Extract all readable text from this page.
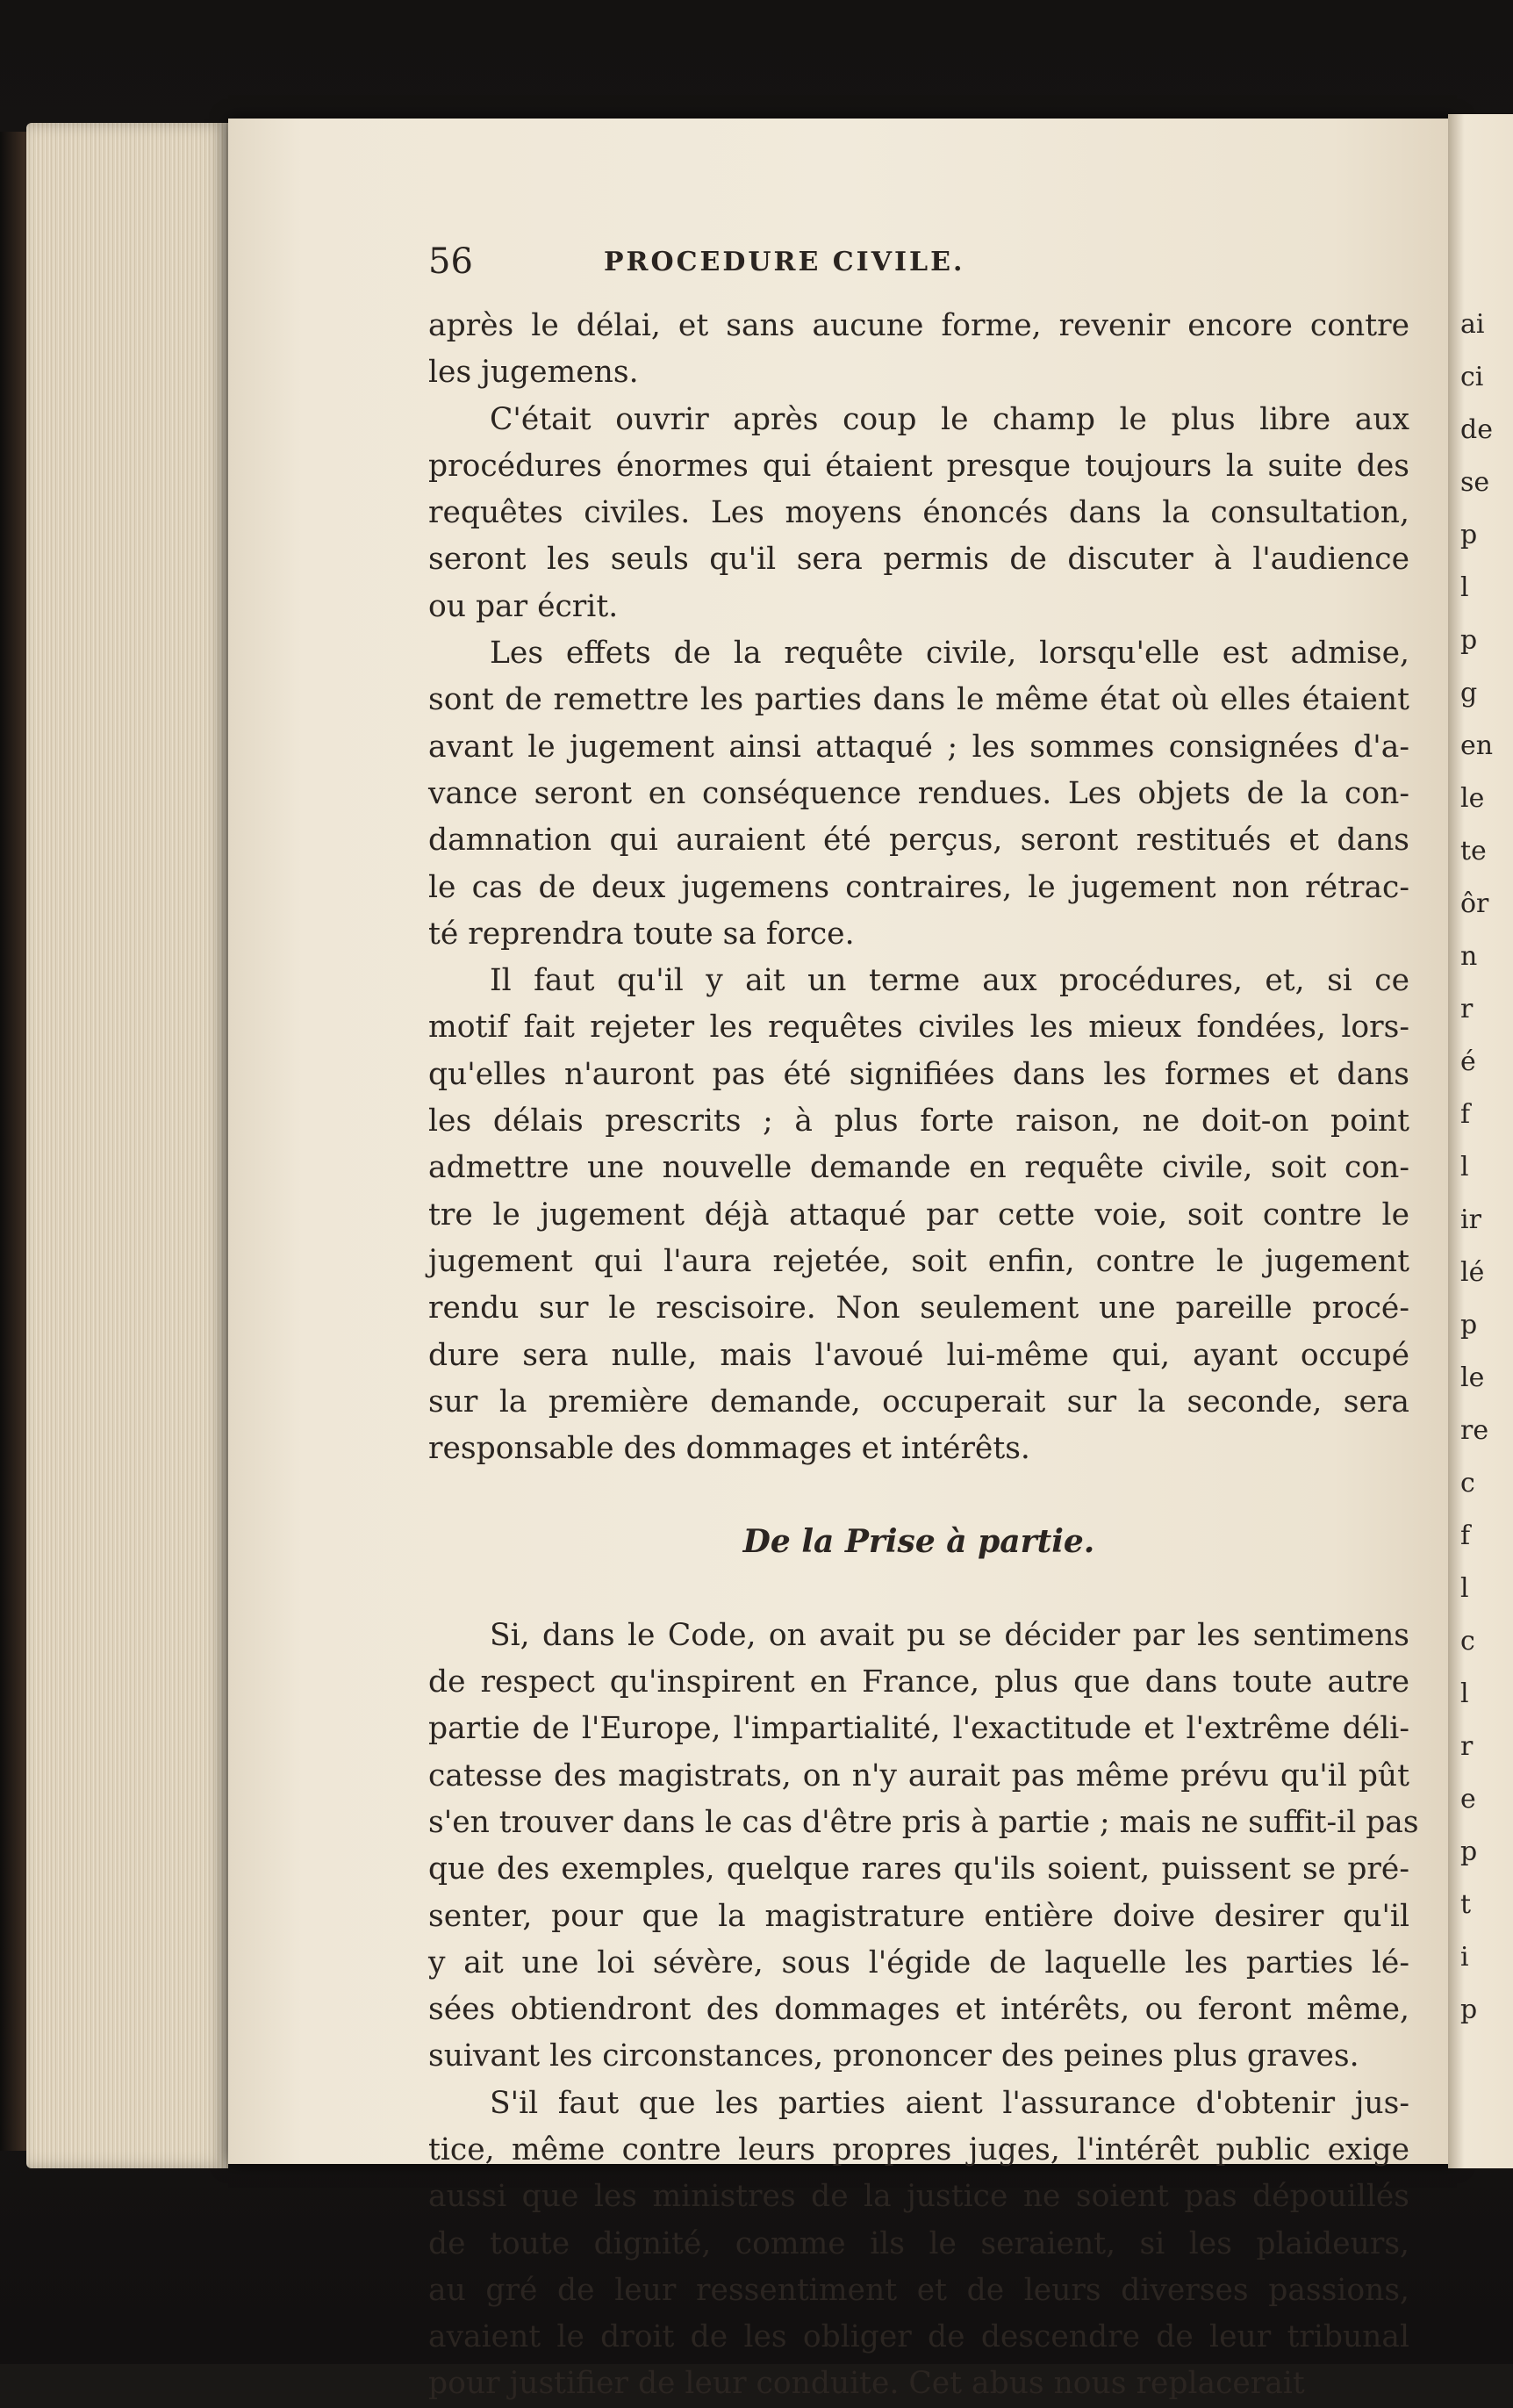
ai
ci
de
se
p
l
p
g
en
le
te
ôr
n
r
é
f
l
ir
lé
p
le
re
c
f
l
c
l
r
e
p
t
i
p
56	PROCEDURE CIVILE.
après le délai, et sans aucune forme, revenir encore contre
les jugemens.
C'était ouvrir après coup le champ le plus libre aux
procédures énormes qui étaient presque toujours la suite des
requêtes civiles. Les moyens énoncés dans la consultation,
seront les seuls qu'il sera permis de discuter à l'audience
ou par écrit.
Les effets de la requête civile, lorsqu'elle est admise,
sont de remettre les parties dans le même état où elles étaient
avant le jugement ainsi attaqué ; les sommes consignées d'a-
vance seront en conséquence rendues. Les objets de la con-
damnation qui auraient été perçus, seront restitués et dans
le cas de deux jugemens contraires, le jugement non rétrac-
té reprendra toute sa force.
Il faut qu'il y ait un terme aux procédures, et, si ce
motif fait rejeter les requêtes civiles les mieux fondées, lors-
qu'elles n'auront pas été signifiées dans les formes et dans
les délais prescrits ; à plus forte raison, ne doit-on point
admettre une nouvelle demande en requête civile, soit con-
tre le jugement déjà attaqué par cette voie, soit contre le
jugement qui l'aura rejetée, soit enfin, contre le jugement
rendu sur le rescisoire. Non seulement une pareille procé-
dure sera nulle, mais l'avoué lui-même qui, ayant occupé
sur la première demande, occuperait sur la seconde, sera
responsable des dommages et intérêts.
De la Prise à partie.
Si, dans le Code, on avait pu se décider par les sentimens
de respect qu'inspirent en France, plus que dans toute autre
partie de l'Europe, l'impartialité, l'exactitude et l'extrême déli-
catesse des magistrats, on n'y aurait pas même prévu qu'il pût
s'en trouver dans le cas d'être pris à partie ; mais ne suffit-il pas
que des exemples, quelque rares qu'ils soient, puissent se pré-
senter, pour que la magistrature entière doive desirer qu'il
y ait une loi sévère, sous l'égide de laquelle les parties lé-
sées obtiendront des dommages et intérêts, ou feront même,
suivant les circonstances, prononcer des peines plus graves.
S'il faut que les parties aient l'assurance d'obtenir jus-
tice, même contre leurs propres juges, l'intérêt public exige
aussi que les ministres de la justice ne soient pas dépouillés
de toute dignité, comme ils le seraient, si les plaideurs,
au gré de leur ressentiment et de leurs diverses passions,
avaient le droit de les obliger de descendre de leur tribunal
pour justifier de leur conduite. Cet abus nous replacerait
